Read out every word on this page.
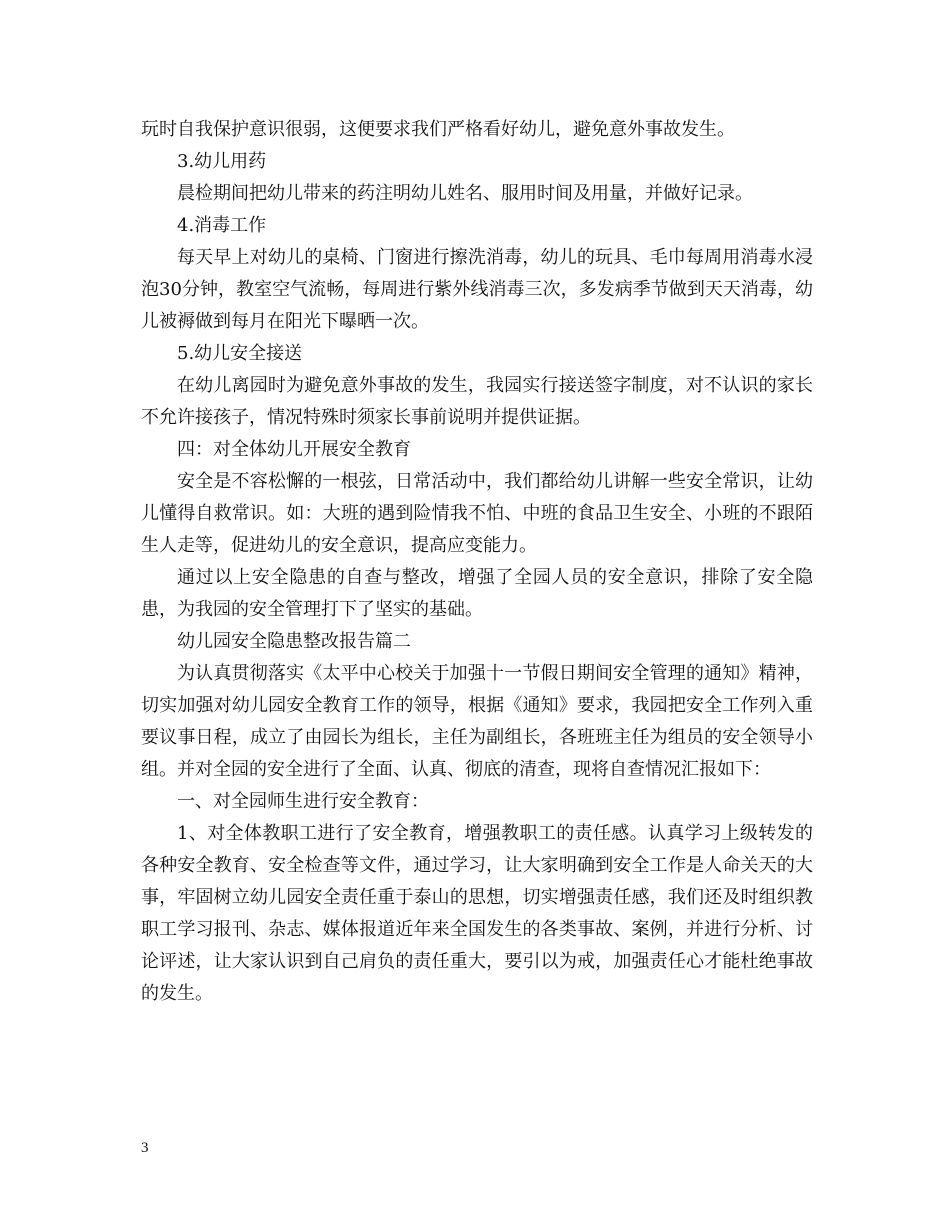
玩时自我保护意识很弱，这便要求我们严格看好幼儿，避免意外事故发生。

3.幼儿用药

晨检期间把幼儿带来的药注明幼儿姓名、服用时间及用量，并做好记录。

4.消毒工作

每天早上对幼儿的桌椅、门窗进行擦洗消毒，幼儿的玩具、毛巾每周用消毒水浸泡30分钟，教室空气流畅，每周进行紫外线消毒三次，多发病季节做到天天消毒，幼儿被褥做到每月在阳光下曝晒一次。

5.幼儿安全接送

在幼儿离园时为避免意外事故的发生，我园实行接送签字制度，对不认识的家长不允许接孩子，情况特殊时须家长事前说明并提供证据。

四：对全体幼儿开展安全教育

安全是不容松懈的一根弦，日常活动中，我们都给幼儿讲解一些安全常识，让幼儿懂得自救常识。如：大班的遇到险情我不怕、中班的食品卫生安全、小班的不跟陌生人走等，促进幼儿的安全意识，提高应变能力。

通过以上安全隐患的自查与整改，增强了全园人员的安全意识，排除了安全隐患，为我园的安全管理打下了坚实的基础。

幼儿园安全隐患整改报告篇二

为认真贯彻落实《太平中心校关于加强十一节假日期间安全管理的通知》精神，切实加强对幼儿园安全教育工作的领导，根据《通知》要求，我园把安全工作列入重要议事日程，成立了由园长为组长，主任为副组长，各班班主任为组员的安全领导小组。并对全园的安全进行了全面、认真、彻底的清查，现将自查情况汇报如下：

一、对全园师生进行安全教育：

1、对全体教职工进行了安全教育，增强教职工的责任感。认真学习上级转发的各种安全教育、安全检查等文件，通过学习，让大家明确到安全工作是人命关天的大事，牢固树立幼儿园安全责任重于泰山的思想，切实增强责任感，我们还及时组织教职工学习报刊、杂志、媒体报道近年来全国发生的各类事故、案例，并进行分析、讨论评述，让大家认识到自己肩负的责任重大，要引以为戒，加强责任心才能杜绝事故的发生。

3
